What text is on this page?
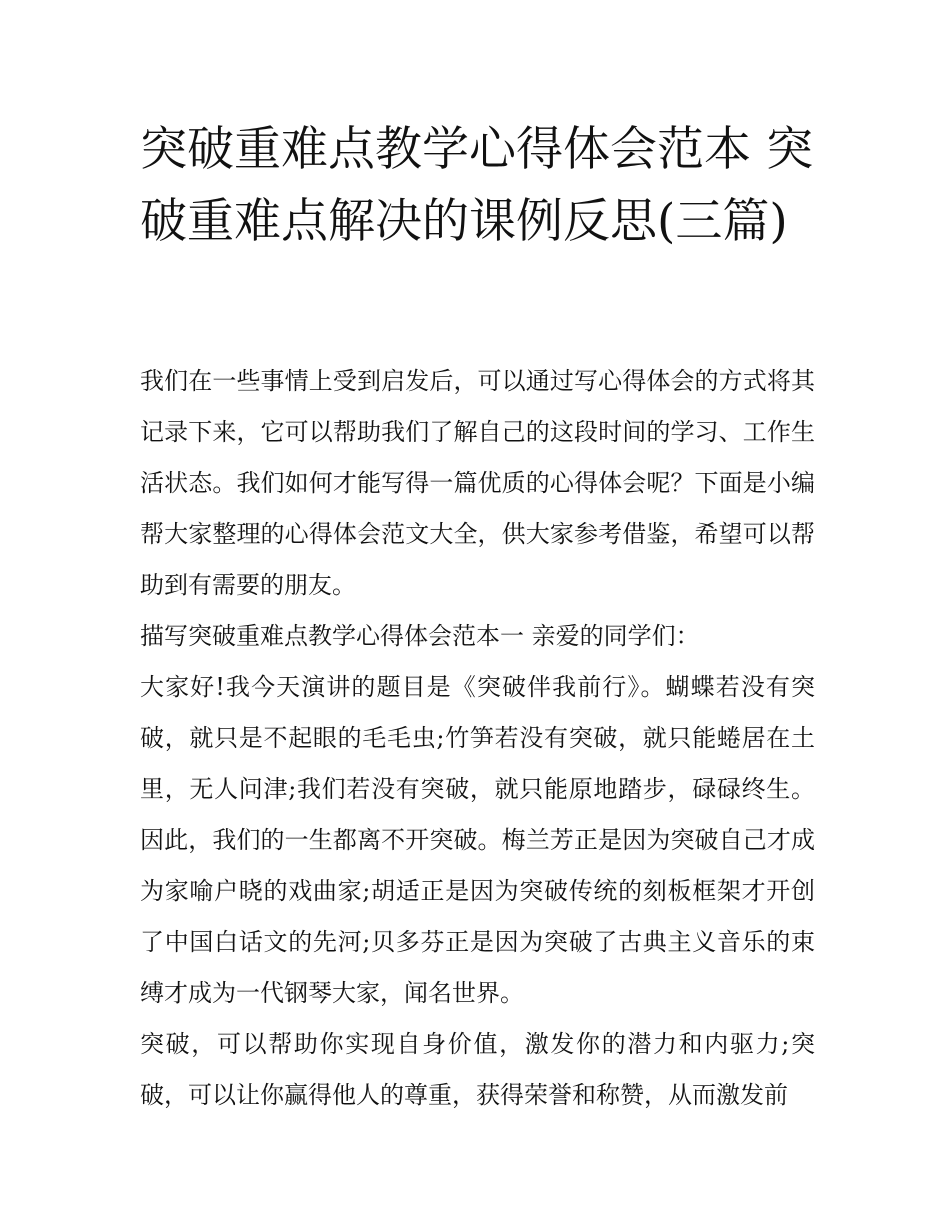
突破重难点教学心得体会范本 突破重难点解决的课例反思(三篇)

我们在一些事情上受到启发后，可以通过写心得体会的方式将其记录下来，它可以帮助我们了解自己的这段时间的学习、工作生活状态。我们如何才能写得一篇优质的心得体会呢？下面是小编帮大家整理的心得体会范文大全，供大家参考借鉴，希望可以帮助到有需要的朋友。

描写突破重难点教学心得体会范本一 亲爱的同学们：

大家好!我今天演讲的题目是《突破伴我前行》。蝴蝶若没有突破，就只是不起眼的毛毛虫;竹笋若没有突破，就只能蜷居在土里，无人问津;我们若没有突破，就只能原地踏步，碌碌终生。因此，我们的一生都离不开突破。梅兰芳正是因为突破自己才成为家喻户晓的戏曲家;胡适正是因为突破传统的刻板框架才开创了中国白话文的先河;贝多芬正是因为突破了古典主义音乐的束缚才成为一代钢琴大家，闻名世界。

突破，可以帮助你实现自身价值，激发你的潜力和内驱力;突破，可以让你赢得他人的尊重，获得荣誉和称赞，从而激发前
